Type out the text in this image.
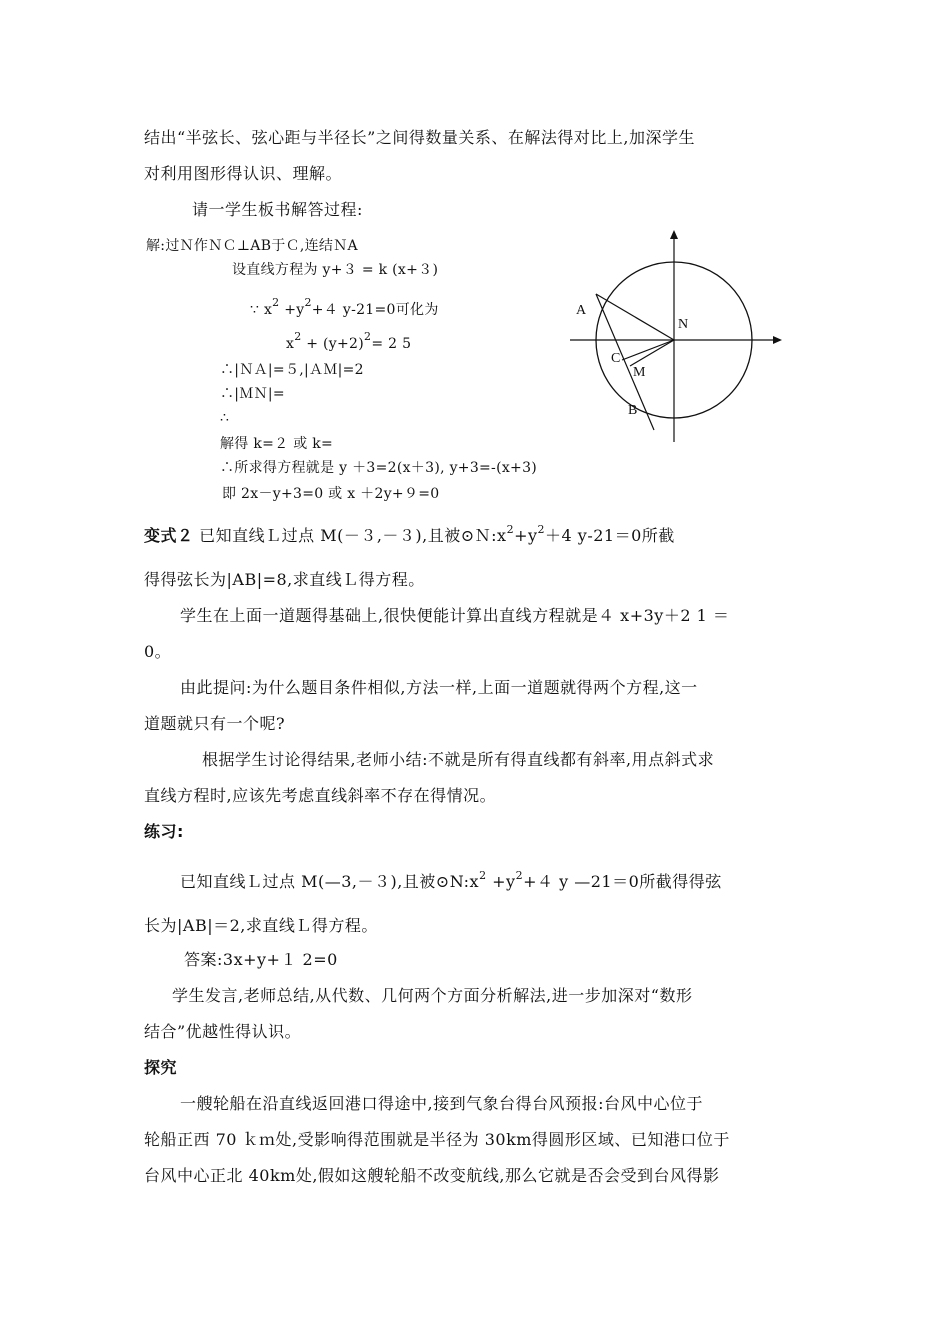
结出“半弦长、弦心距与半径长”之间得数量关系、在解法得对比上,加深学生
对利用图形得认识、理解。
请一学生板书解答过程:
解:过Ｎ作ＮＣ⊥AB于Ｃ,连结ＮA
设直线方程为 y+３ = k (x+３)
∵ $x^2 +y^2+4$ y-21=0可化为
$x^2 + (y+2)^2= 2$ 5
∴|ＮＡ|=５,|ＡＭ|=2
∴|ＭＮ|=
∴
解得 k=２ 或 k=
∴所求得方程就是 y ＋3=2(x＋3), y+3=-(x+3)
即 2x－y+3=0 或 x ＋2y+９=0
A
N
C
M
B
变式２ 已知直线Ｌ过点 M(－３,－３),且被$⊙N:x^2+y^2+4$ y-21＝0所截
得得弦长为|AB|=8,求直线Ｌ得方程。
学生在上面一道题得基础上,很快便能计算出直线方程就是４ x+3y＋2 1 ＝
0。
由此提问:为什么题目条件相似,方法一样,上面一道题就得两个方程,这一
道题就只有一个呢?
根据学生讨论得结果,老师小结:不就是所有得直线都有斜率,用点斜式求
直线方程时,应该先考虑直线斜率不存在得情况。
练习:
已知直线Ｌ过点 M(—3,－３),且被$⊙N:x^2 +y^2+4$ y —21＝0所截得得弦
长为|AB|＝2,求直线Ｌ得方程。
答案:3x+y+１ 2=0
学生发言,老师总结,从代数、几何两个方面分析解法,进一步加深对“数形
结合”优越性得认识。
探究
一艘轮船在沿直线返回港口得途中,接到气象台得台风预报:台风中心位于
轮船正西 70 ｋｍ处,受影响得范围就是半径为 30km得圆形区域、已知港口位于
台风中心正北 40km处,假如这艘轮船不改变航线,那么它就是否会受到台风得影
